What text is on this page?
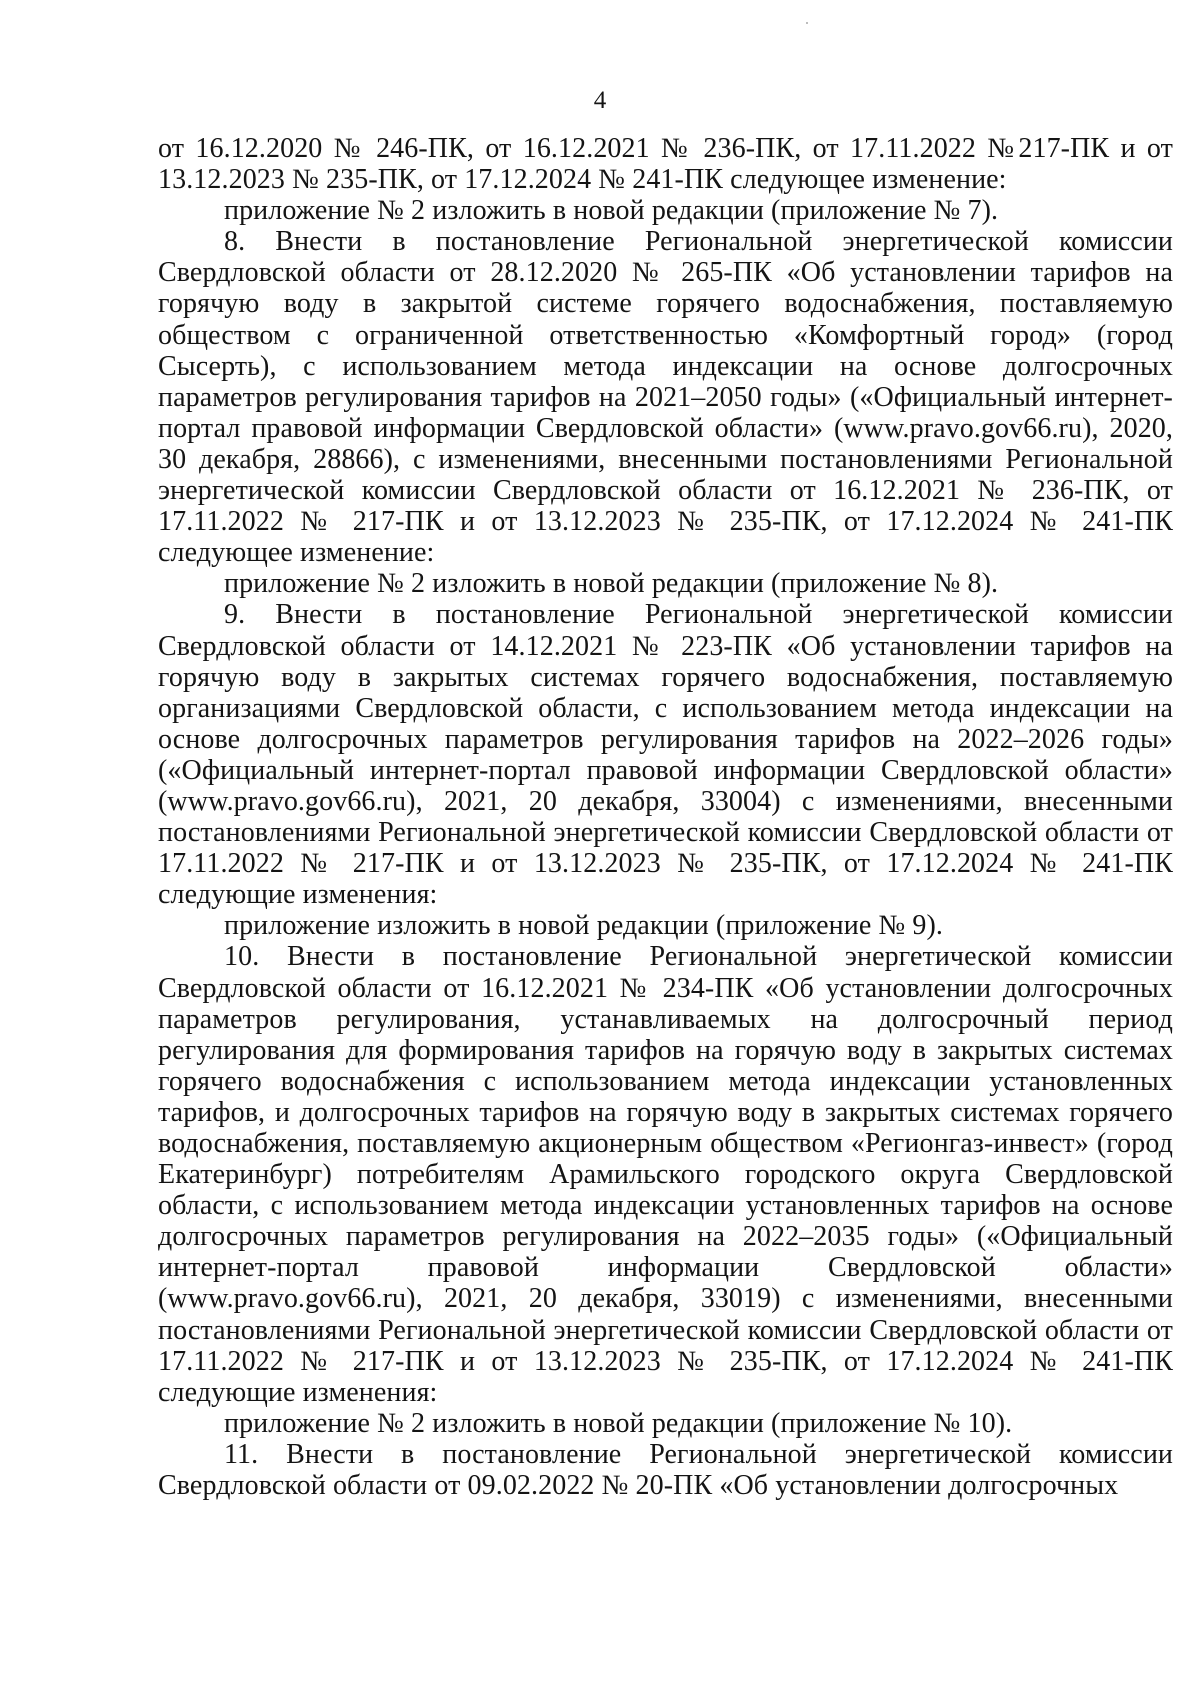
4

от 16.12.2020 № 246-ПК, от 16.12.2021 № 236-ПК, от 17.11.2022 №217-ПК и от 13.12.2023 № 235-ПК, от 17.12.2024 № 241-ПК следующее изменение:

приложение № 2 изложить в новой редакции (приложение № 7).

8. Внести в постановление Региональной энергетической комиссии Свердловской области от 28.12.2020 № 265-ПК «Об установлении тарифов на горячую воду в закрытой системе горячего водоснабжения, поставляемую обществом с ограниченной ответственностью «Комфортный город» (город Сысерть), с использованием метода индексации на основе долгосрочных параметров регулирования тарифов на 2021–2050 годы» («Официальный интернет-портал правовой информации Свердловской области» (www.pravo.gov66.ru), 2020, 30 декабря, 28866), с изменениями, внесенными постановлениями Региональной энергетической комиссии Свердловской области от 16.12.2021 № 236-ПК, от 17.11.2022 № 217-ПК и от 13.12.2023 № 235-ПК, от 17.12.2024 № 241-ПК следующее изменение:

приложение № 2 изложить в новой редакции (приложение № 8).

9. Внести в постановление Региональной энергетической комиссии Свердловской области от 14.12.2021 № 223-ПК «Об установлении тарифов на горячую воду в закрытых системах горячего водоснабжения, поставляемую организациями Свердловской области, с использованием метода индексации на основе долгосрочных параметров регулирования тарифов на 2022–2026 годы» («Официальный интернет-портал правовой информации Свердловской области» (www.pravo.gov66.ru), 2021, 20 декабря, 33004) с изменениями, внесенными постановлениями Региональной энергетической комиссии Свердловской области от 17.11.2022 № 217-ПК и от 13.12.2023 № 235-ПК, от 17.12.2024 № 241-ПК следующие изменения:

приложение изложить в новой редакции (приложение № 9).

10. Внести в постановление Региональной энергетической комиссии Свердловской области от 16.12.2021 № 234-ПК «Об установлении долгосрочных параметров регулирования, устанавливаемых на долгосрочный период регулирования для формирования тарифов на горячую воду в закрытых системах горячего водоснабжения с использованием метода индексации установленных тарифов, и долгосрочных тарифов на горячую воду в закрытых системах горячего водоснабжения, поставляемую акционерным обществом «Регионгаз-инвест» (город Екатеринбург) потребителям Арамильского городского округа Свердловской области, с использованием метода индексации установленных тарифов на основе долгосрочных параметров регулирования на 2022–2035 годы» («Официальный интернет-портал правовой информации Свердловской области» (www.pravo.gov66.ru), 2021, 20 декабря, 33019) с изменениями, внесенными постановлениями Региональной энергетической комиссии Свердловской области от 17.11.2022 № 217-ПК и от 13.12.2023 № 235-ПК, от 17.12.2024 № 241-ПК следующие изменения:

приложение № 2 изложить в новой редакции (приложение № 10).

11. Внести в постановление Региональной энергетической комиссии Свердловской области от 09.02.2022 № 20-ПК «Об установлении долгосрочных
